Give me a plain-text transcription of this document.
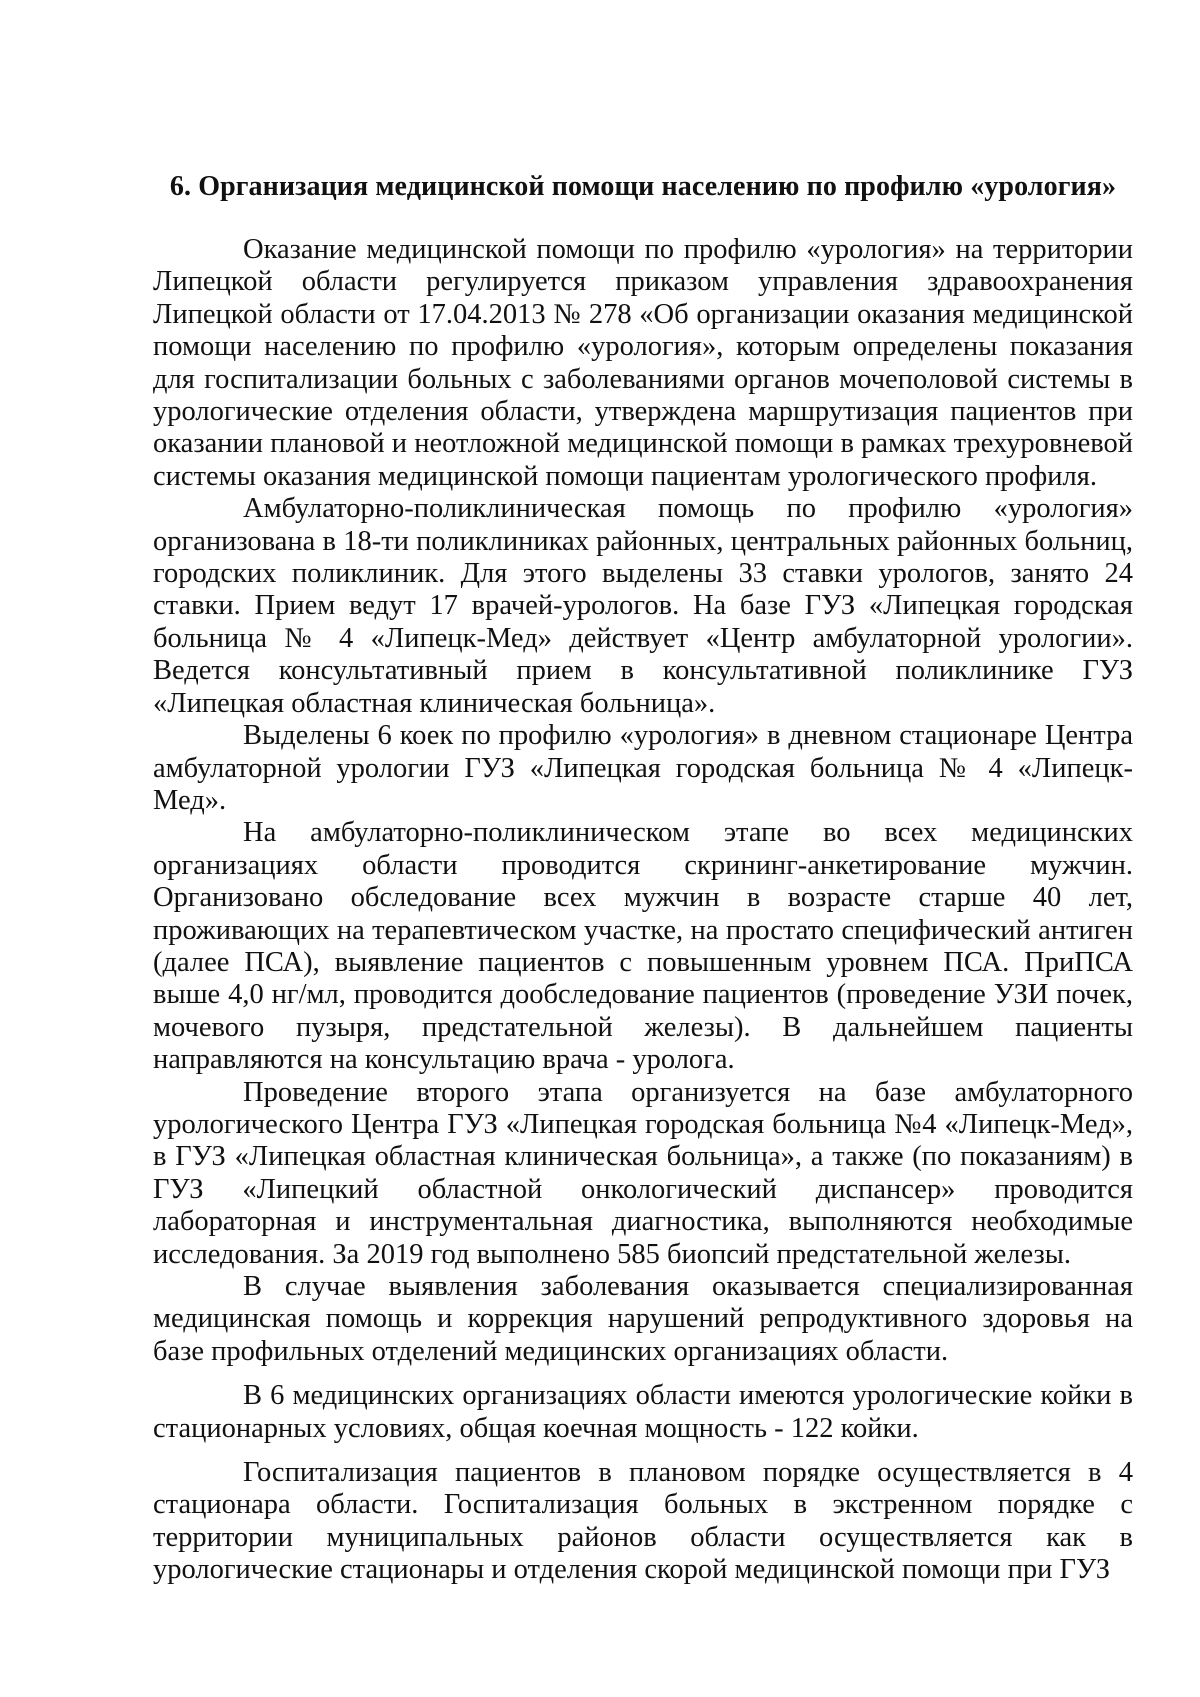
6. Организация медицинской помощи населению по профилю «урология»

Оказание медицинской помощи по профилю «урология» на территории Липецкой области регулируется приказом управления здравоохранения Липецкой области от 17.04.2013 № 278 «Об организации оказания медицинской помощи населению по профилю «урология», которым определены показания для госпитализации больных с заболеваниями органов мочеполовой системы в урологические отделения области, утверждена маршрутизация пациентов при оказании плановой и неотложной медицинской помощи в рамках трехуровневой системы оказания медицинской помощи пациентам урологического профиля.

Амбулаторно-поликлиническая помощь по профилю «урология» организована в 18-ти поликлиниках районных, центральных районных больниц, городских поликлиник. Для этого выделены 33 ставки урологов, занято 24 ставки. Прием ведут 17 врачей-урологов. На базе ГУЗ «Липецкая городская больница № 4 «Липецк-Мед» действует «Центр амбулаторной урологии». Ведется консультативный прием в консультативной поликлинике ГУЗ «Липецкая областная клиническая больница».

Выделены 6 коек по профилю «урология» в дневном стационаре Центра амбулаторной урологии ГУЗ «Липецкая городская больница № 4 «Липецк-Мед».

На амбулаторно-поликлиническом этапе во всех медицинских организациях области проводится скрининг-анкетирование мужчин. Организовано обследование всех мужчин в возрасте старше 40 лет, проживающих на терапевтическом участке, на простато специфический антиген (далее ПСА), выявление пациентов с повышенным уровнем ПСА. ПриПСА выше 4,0 нг/мл, проводится дообследование пациентов (проведение УЗИ почек, мочевого пузыря, предстательной железы). В дальнейшем пациенты направляются на консультацию врача - уролога.

Проведение второго этапа организуется на базе амбулаторного урологического Центра ГУЗ «Липецкая городская больница №4 «Липецк-Мед», в ГУЗ «Липецкая областная клиническая больница», а также (по показаниям) в ГУЗ «Липецкий областной онкологический диспансер» проводится лабораторная и инструментальная диагностика, выполняются необходимые исследования. За 2019 год выполнено 585 биопсий предстательной железы.

В случае выявления заболевания оказывается специализированная медицинская помощь и коррекция нарушений репродуктивного здоровья на базе профильных отделений медицинских организациях области.

В 6 медицинских организациях области имеются урологические койки в стационарных условиях, общая коечная мощность - 122 койки.

Госпитализация пациентов в плановом порядке осуществляется в 4 стационара области. Госпитализация больных в экстренном порядке с территории муниципальных районов области осуществляется как в урологические стационары и отделения скорой медицинской помощи при ГУЗ
